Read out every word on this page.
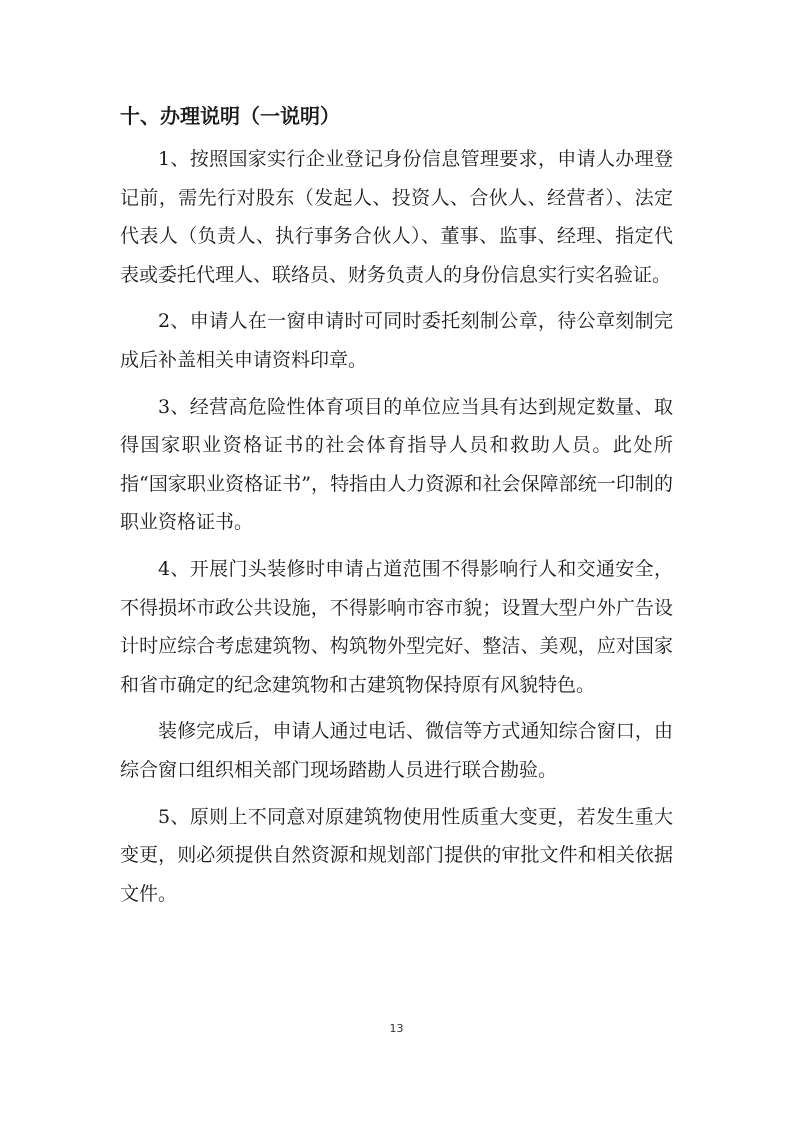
十、办理说明（一说明）

1、按照国家实行企业登记身份信息管理要求，申请人办理登记前，需先行对股东（发起人、投资人、合伙人、经营者）、法定代表人（负责人、执行事务合伙人）、董事、监事、经理、指定代表或委托代理人、联络员、财务负责人的身份信息实行实名验证。

2、申请人在一窗申请时可同时委托刻制公章，待公章刻制完成后补盖相关申请资料印章。

3、经营高危险性体育项目的单位应当具有达到规定数量、取得国家职业资格证书的社会体育指导人员和救助人员。此处所指“国家职业资格证书”，特指由人力资源和社会保障部统一印制的职业资格证书。

4、开展门头装修时申请占道范围不得影响行人和交通安全，不得损坏市政公共设施，不得影响市容市貌；设置大型户外广告设计时应综合考虑建筑物、构筑物外型完好、整洁、美观，应对国家和省市确定的纪念建筑物和古建筑物保持原有风貌特色。

装修完成后，申请人通过电话、微信等方式通知综合窗口，由综合窗口组织相关部门现场踏勘人员进行联合勘验。

5、原则上不同意对原建筑物使用性质重大变更，若发生重大变更，则必须提供自然资源和规划部门提供的审批文件和相关依据文件。

13
